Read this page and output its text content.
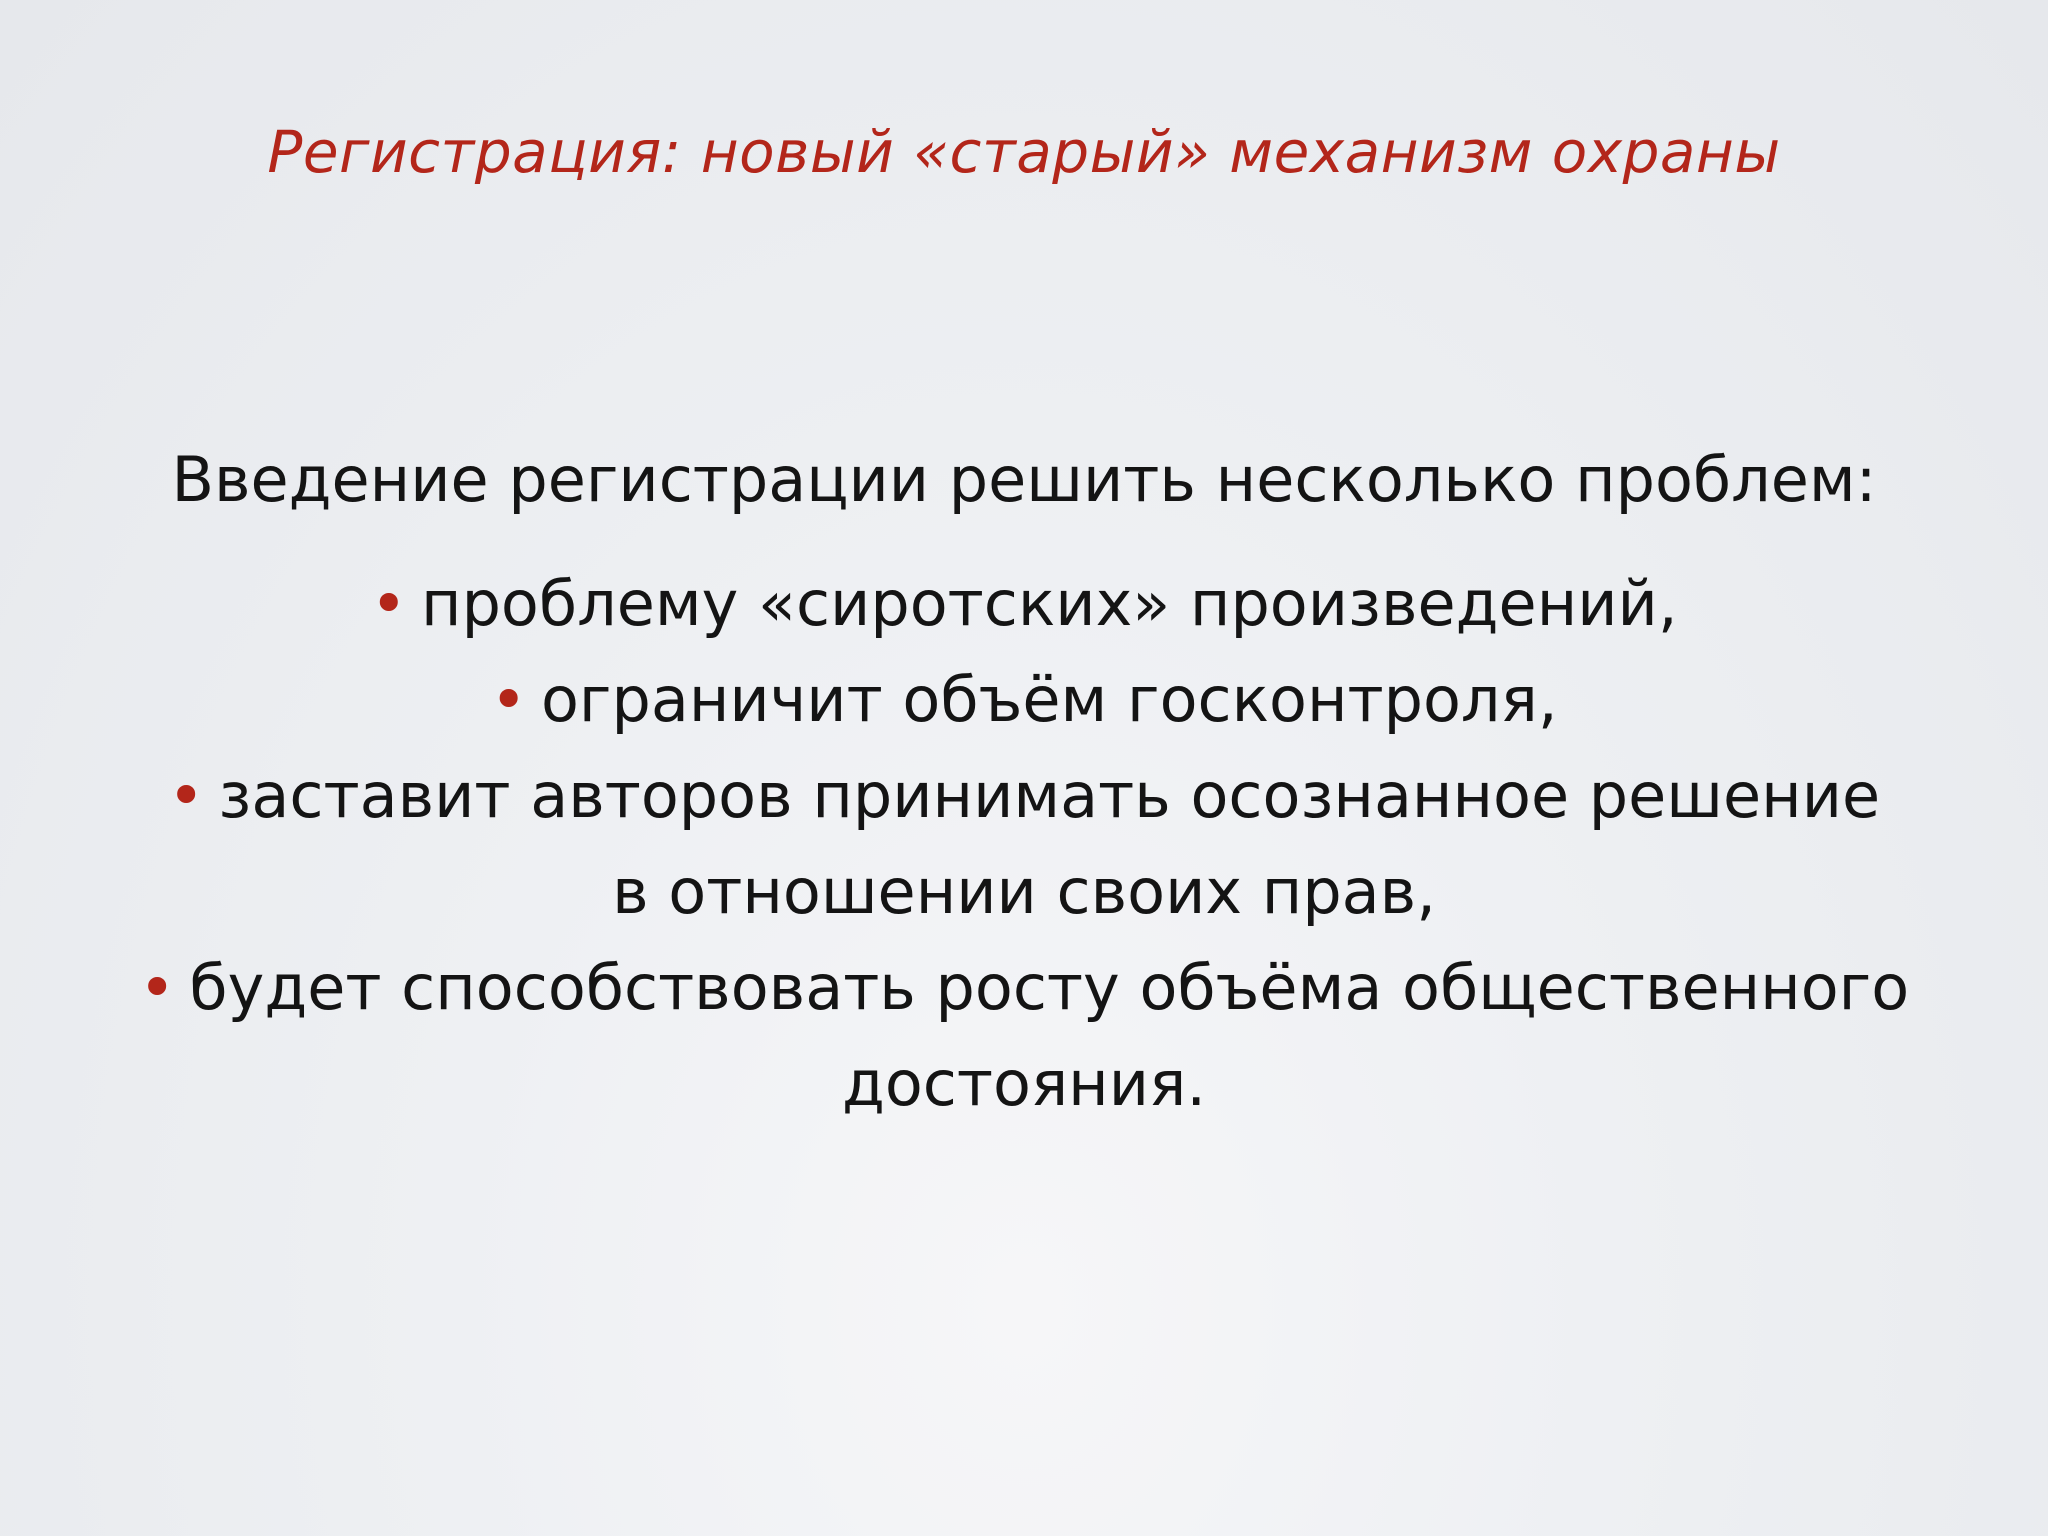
Регистрация: новый «старый» механизм охраны

Введение регистрации решить несколько проблем:

• проблему «сиротских» произведений,
• ограничит объём госконтроля,
• заставит авторов принимать осознанное решение
в отношении своих прав,
• будет способствовать росту объёма общественного
достояния.
